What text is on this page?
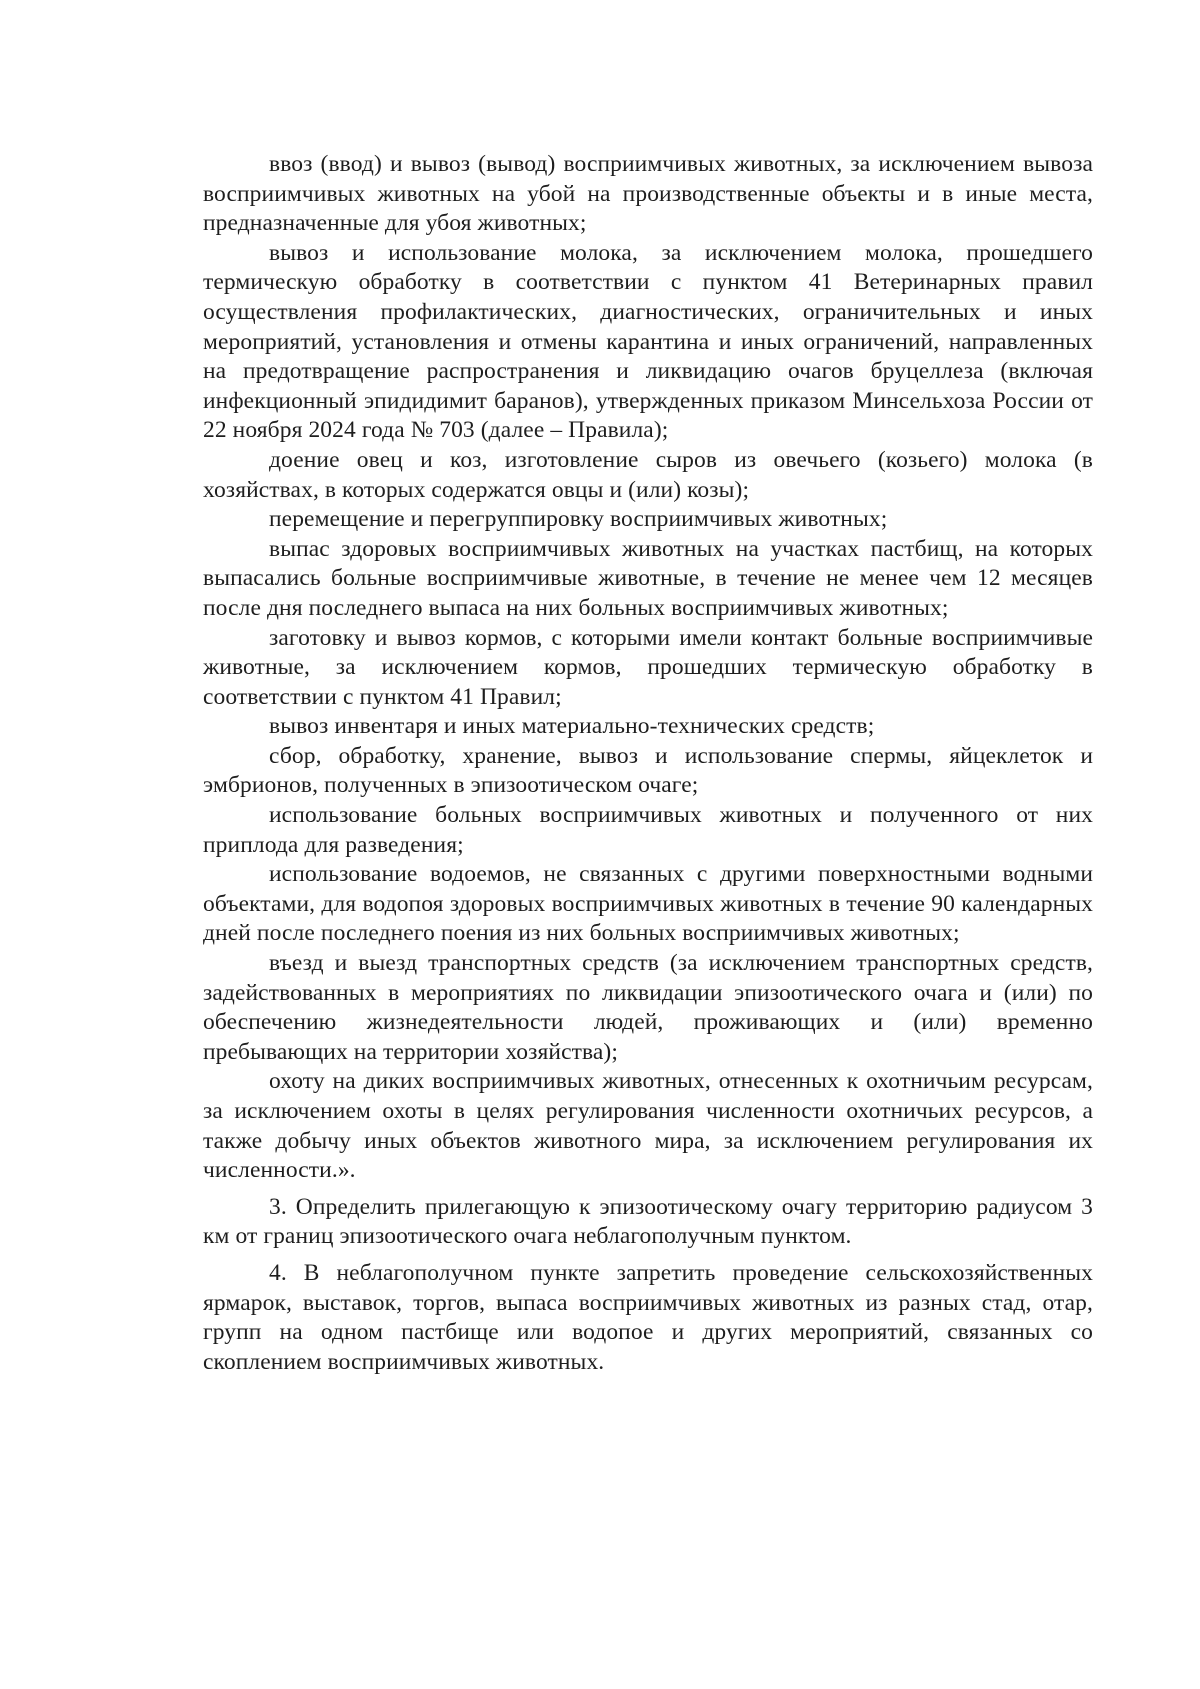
ввоз (ввод) и вывоз (вывод) восприимчивых животных, за исключением вывоза восприимчивых животных на убой на производственные объекты и в иные места, предназначенные для убоя животных;

вывоз и использование молока, за исключением молока, прошедшего термическую обработку в соответствии с пунктом 41 Ветеринарных правил осуществления профилактических, диагностических, ограничительных и иных мероприятий, установления и отмены карантина и иных ограничений, направленных на предотвращение распространения и ликвидацию очагов бруцеллеза (включая инфекционный эпидидимит баранов), утвержденных приказом Минсельхоза России от 22 ноября 2024 года № 703 (далее – Правила);

доение овец и коз, изготовление сыров из овечьего (козьего) молока (в хозяйствах, в которых содержатся овцы и (или) козы);

перемещение и перегруппировку восприимчивых животных;

выпас здоровых восприимчивых животных на участках пастбищ, на которых выпасались больные восприимчивые животные, в течение не менее чем 12 месяцев после дня последнего выпаса на них больных восприимчивых животных;

заготовку и вывоз кормов, с которыми имели контакт больные восприимчивые животные, за исключением кормов, прошедших термическую обработку в соответствии с пунктом 41 Правил;

вывоз инвентаря и иных материально-технических средств;

сбор, обработку, хранение, вывоз и использование спермы, яйцеклеток и эмбрионов, полученных в эпизоотическом очаге;

использование больных восприимчивых животных и полученного от них приплода для разведения;

использование водоемов, не связанных с другими поверхностными водными объектами, для водопоя здоровых восприимчивых животных в течение 90 календарных дней после последнего поения из них больных восприимчивых животных;

въезд и выезд транспортных средств (за исключением транспортных средств, задействованных в мероприятиях по ликвидации эпизоотического очага и (или) по обеспечению жизнедеятельности людей, проживающих и (или) временно пребывающих на территории хозяйства);

охоту на диких восприимчивых животных, отнесенных к охотничьим ресурсам, за исключением охоты в целях регулирования численности охотничьих ресурсов, а также добычу иных объектов животного мира, за исключением регулирования их численности.».

3. Определить прилегающую к эпизоотическому очагу территорию радиусом 3 км от границ эпизоотического очага неблагополучным пунктом.

4. В неблагополучном пункте запретить проведение сельскохозяйственных ярмарок, выставок, торгов, выпаса восприимчивых животных из разных стад, отар, групп на одном пастбище или водопое и других мероприятий, связанных со скоплением восприимчивых животных.
